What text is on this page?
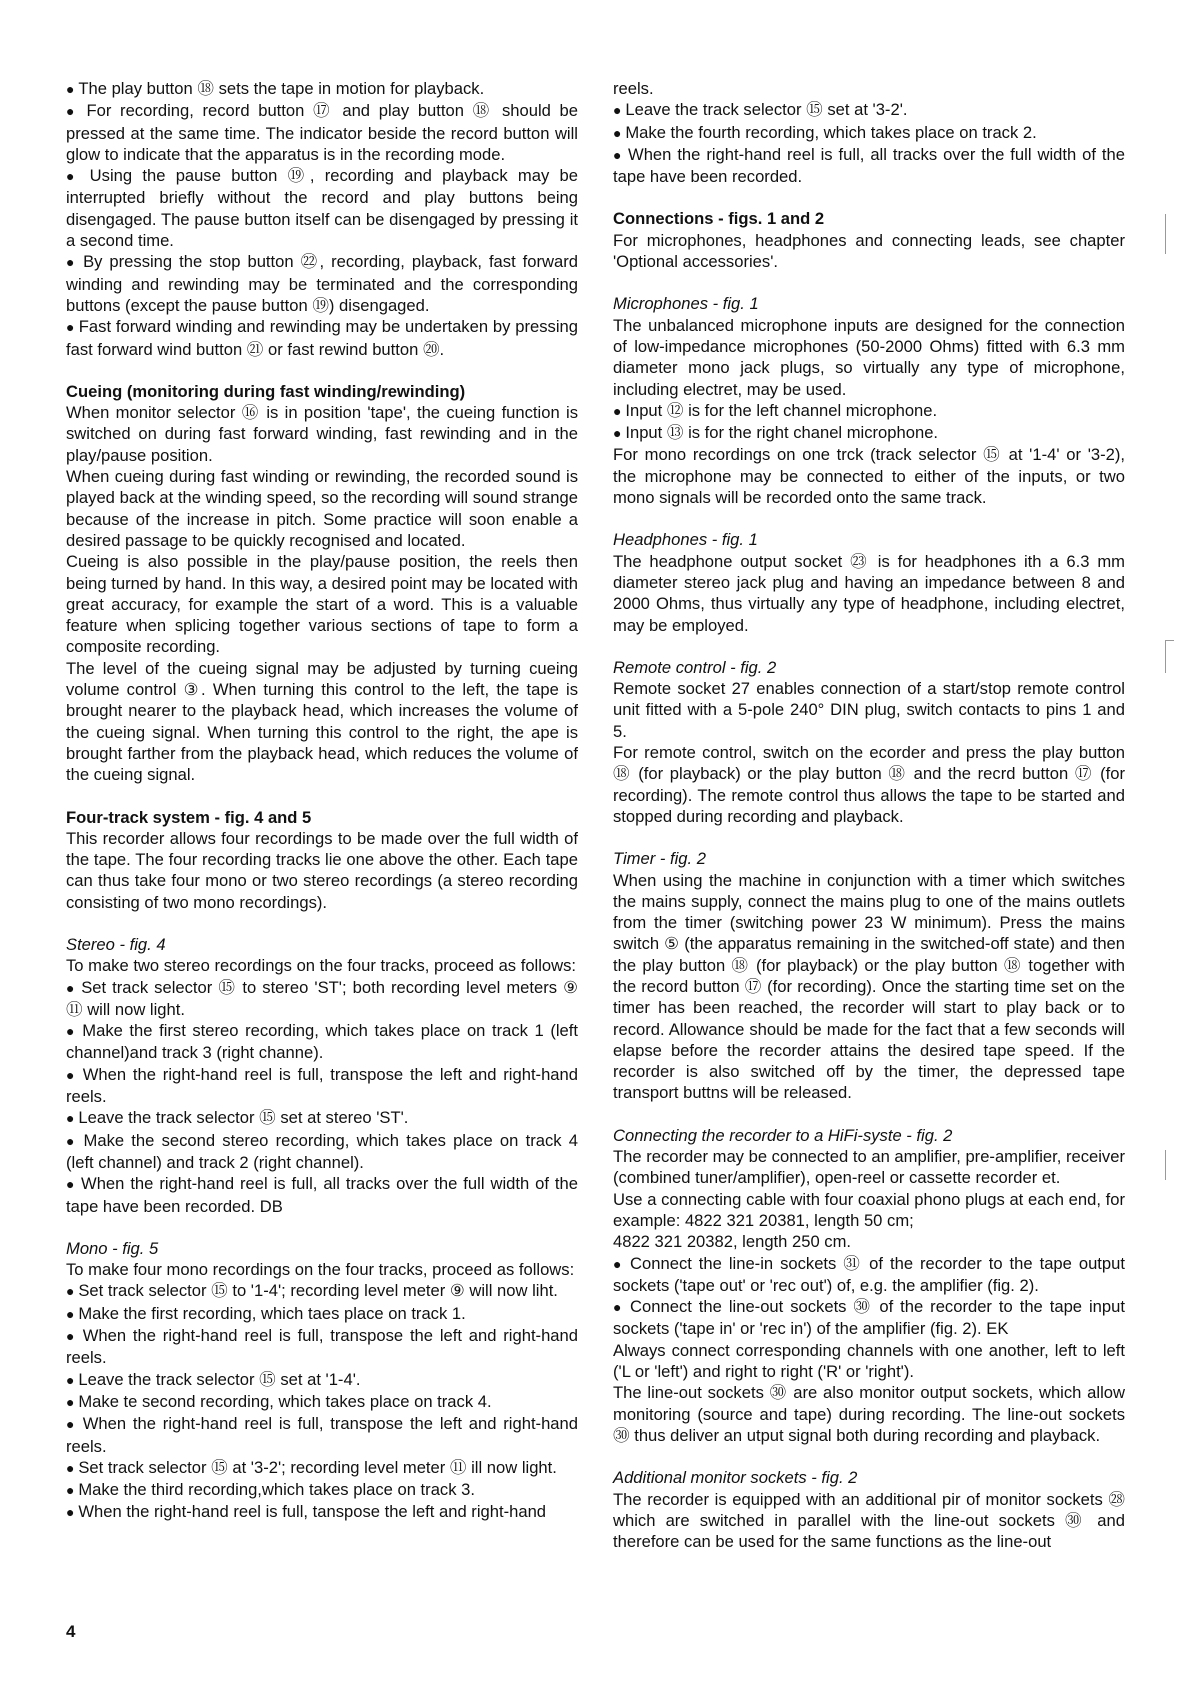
● The play button ⑱ sets the tape in motion for playback.

● For recording, record button ⑰ and play button ⑱ should be pressed at the same time. The indicator beside the record button will glow to indicate that the apparatus is in the recording mode.

● Using the pause button ⑲, recording and playback may be interrupted briefly without the record and play buttons being disengaged. The pause button itself can be disengaged by pressing it a second time.

● By pressing the stop button ㉒, recording, playback, fast forward winding and rewinding may be terminated and the corresponding buttons (except the pause button ⑲) disengaged.

● Fast forward winding and rewinding may be undertaken by pressing fast forward wind button ㉑ or fast rewind button ⑳.

Cueing (monitoring during fast winding/rewinding)

When monitor selector ⑯ is in position 'tape', the cueing function is switched on during fast forward winding, fast rewinding and in the play/pause position.

When cueing during fast winding or rewinding, the recorded sound is played back at the winding speed, so the recording will sound strange because of the increase in pitch. Some practice will soon enable a desired passage to be quickly recognised and located.

Cueing is also possible in the play/pause position, the reels then being turned by hand. In this way, a desired point may be located with great accuracy, for example the start of a word. This is a valuable feature when splicing together various sections of tape to form a composite recording.

The level of the cueing signal may be adjusted by turning cueing volume control ③. When turning this control to the left, the tape is brought nearer to the playback head, which increases the volume of the cueing signal. When turning this control to the right, the ape is brought farther from the playback head, which reduces the volume of the cueing signal.

Four-track system - fig. 4 and 5

This recorder allows four recordings to be made over the full width of the tape. The four recording tracks lie one above the other. Each tape can thus take four mono or two stereo recordings (a stereo recording consisting of two mono recordings).

Stereo - fig. 4

To make two stereo recordings on the four tracks, proceed as follows:

● Set track selector ⑮ to stereo 'ST'; both recording level meters ⑨ ⑪ will now light.

● Make the first stereo recording, which takes place on track 1 (left channel)and track 3 (right channe).

● When the right-hand reel is full, transpose the left and right-hand reels.

● Leave the track selector ⑮ set at stereo 'ST'.

● Make the second stereo recording, which takes place on track 4 (left channel) and track 2 (right channel).

● When the right-hand reel is full, all tracks over the full width of the tape have been recorded. DB

Mono - fig. 5

To make four mono recordings on the four tracks, proceed as follows:

● Set track selector ⑮ to '1-4'; recording level meter ⑨ will now liht.

● Make the first recording, which taes place on track 1.

● When the right-hand reel is full, transpose the left and right-hand reels.

● Leave the track selector ⑮ set at '1-4'.

● Make te second recording, which takes place on track 4.

● When the right-hand reel is full, transpose the left and right-hand reels.

● Set track selector ⑮ at '3-2'; recording level meter ⑪ ill now light.

● Make the third recording,which takes place on track 3.

● When the right-hand reel is full, tanspose the left and right-hand

reels.

● Leave the track selector ⑮ set at '3-2'.

● Make the fourth recording, which takes place on track 2.

● When the right-hand reel is full, all tracks over the full width of the tape have been recorded.

Connections - figs. 1 and 2

For microphones, headphones and connecting leads, see chapter 'Optional accessories'.

Microphones - fig. 1

The unbalanced microphone inputs are designed for the connection of low-impedance microphones (50-2000 Ohms) fitted with 6.3 mm diameter mono jack plugs, so virtually any type of microphone, including electret, may be used.

● Input ⑫ is for the left channel microphone.

● Input ⑬ is for the right chanel microphone.

For mono recordings on one trck (track selector ⑮ at '1-4' or '3-2), the microphone may be connected to either of the inputs, or two mono signals will be recorded onto the same track.

Headphones - fig. 1

The headphone output socket ㉓ is for headphones ith a 6.3 mm diameter stereo jack plug and having an impedance between 8 and 2000 Ohms, thus virtually any type of headphone, including electret, may be employed.

Remote control - fig. 2

Remote socket 27 enables connection of a start/stop remote control unit fitted with a 5-pole 240° DIN plug, switch contacts to pins 1 and 5.

For remote control, switch on the ecorder and press the play button ⑱ (for playback) or the play button ⑱ and the recrd button ⑰ (for recording). The remote control thus allows the tape to be started and stopped during recording and playback.

Timer - fig. 2

When using the machine in conjunction with a timer which switches the mains supply, connect the mains plug to one of the mains outlets from the timer (switching power 23 W minimum). Press the mains switch ⑤ (the apparatus remaining in the switched-off state) and then the play button ⑱ (for playback) or the play button ⑱ together with the record button ⑰ (for recording). Once the starting time set on the timer has been reached, the recorder will start to play back or to record. Allowance should be made for the fact that a few seconds will elapse before the recorder attains the desired tape speed. If the recorder is also switched off by the timer, the depressed tape transport buttns will be released.

Connecting the recorder to a HiFi-syste - fig. 2

The recorder may be connected to an amplifier, pre-amplifier, receiver (combined tuner/amplifier), open-reel or cassette recorder et.

Use a connecting cable with four coaxial phono plugs at each end, for example: 4822 321 20381, length 50 cm;

4822 321 20382, length 250 cm.

● Connect the line-in sockets ㉛ of the recorder to the tape output sockets ('tape out' or 'rec out') of, e.g. the amplifier (fig. 2).

● Connect the line-out sockets ㉚ of the recorder to the tape input sockets ('tape in' or 'rec in') of the amplifier (fig. 2). EK

Always connect corresponding channels with one another, left to left ('L or 'left') and right to right ('R' or 'right').

The line-out sockets ㉚ are also monitor output sockets, which allow monitoring (source and tape) during recording. The line-out sockets ㉚ thus deliver an utput signal both during recording and playback.

Additional monitor sockets - fig. 2

The recorder is equipped with an additional pir of monitor sockets ㉘ which are switched in parallel with the line-out sockets ㉚ and therefore can be used for the same functions as the line-out

4
